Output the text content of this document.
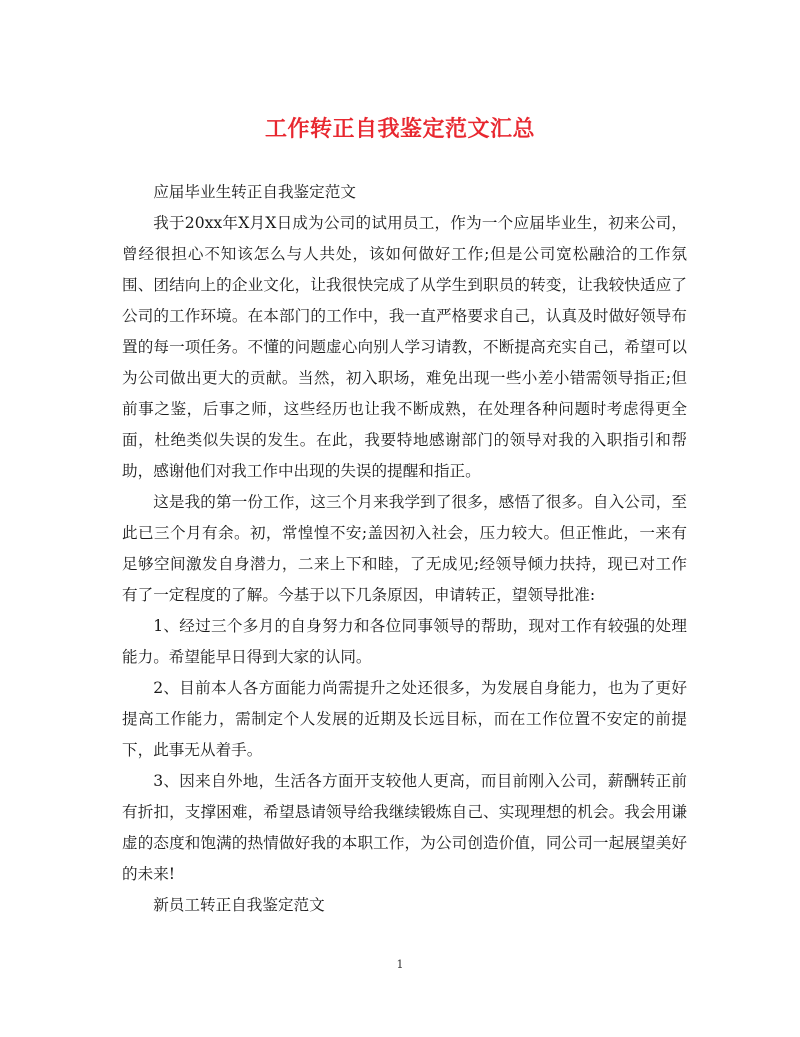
工作转正自我鉴定范文汇总

应届毕业生转正自我鉴定范文

我于20xx年X月X日成为公司的试用员工，作为一个应届毕业生，初来公司，曾经很担心不知该怎么与人共处，该如何做好工作;但是公司宽松融洽的工作氛围、团结向上的企业文化，让我很快完成了从学生到职员的转变，让我较快适应了公司的工作环境。在本部门的工作中，我一直严格要求自己，认真及时做好领导布置的每一项任务。不懂的问题虚心向别人学习请教，不断提高充实自己，希望可以为公司做出更大的贡献。当然，初入职场，难免出现一些小差小错需领导指正;但前事之鉴，后事之师，这些经历也让我不断成熟，在处理各种问题时考虑得更全面，杜绝类似失误的发生。在此，我要特地感谢部门的领导对我的入职指引和帮助，感谢他们对我工作中出现的失误的提醒和指正。

这是我的第一份工作，这三个月来我学到了很多，感悟了很多。自入公司，至此已三个月有余。初，常惶惶不安;盖因初入社会，压力较大。但正惟此，一来有足够空间激发自身潜力，二来上下和睦，了无成见;经领导倾力扶持，现已对工作有了一定程度的了解。今基于以下几条原因，申请转正，望领导批准:

1、经过三个多月的自身努力和各位同事领导的帮助，现对工作有较强的处理能力。希望能早日得到大家的认同。

2、目前本人各方面能力尚需提升之处还很多，为发展自身能力，也为了更好提高工作能力，需制定个人发展的近期及长远目标，而在工作位置不安定的前提下，此事无从着手。

3、因来自外地，生活各方面开支较他人更高，而目前刚入公司，薪酬转正前有折扣，支撑困难，希望恳请领导给我继续锻炼自己、实现理想的机会。我会用谦虚的态度和饱满的热情做好我的本职工作，为公司创造价值，同公司一起展望美好的未来!

新员工转正自我鉴定范文

1
